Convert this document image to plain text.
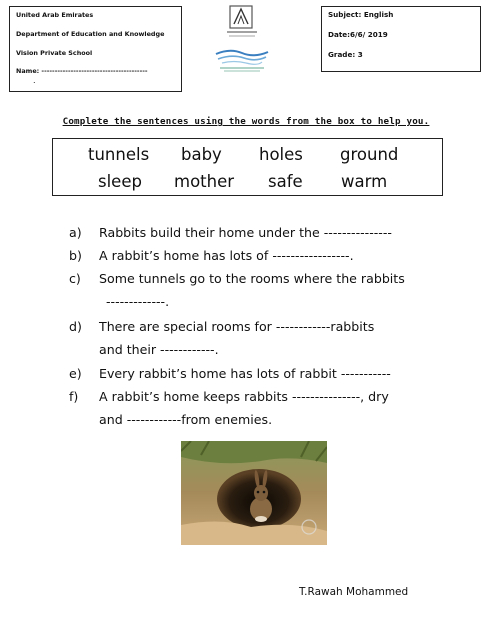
United Arab Emirates
Department of Education and Knowledge
Vision Private School
Name: ----------------------------------------
.
Subject: English
Date:6/6/ 2019
Grade: 3
Complete the sentences using the words from the box to help you.
tunnels baby holes ground
sleep mother safe warm
a) Rabbits build their home under the ---------------
b) A rabbit’s home has lots of -----------------.
c) Some tunnels go to the rooms where the rabbits
-------------.
d) There are special rooms for ------------rabbits
and their ------------.
e) Every rabbit’s home has lots of rabbit -----------
f) A rabbit’s home keeps rabbits ---------------, dry
and ------------from enemies.
T.Rawah Mohammed
